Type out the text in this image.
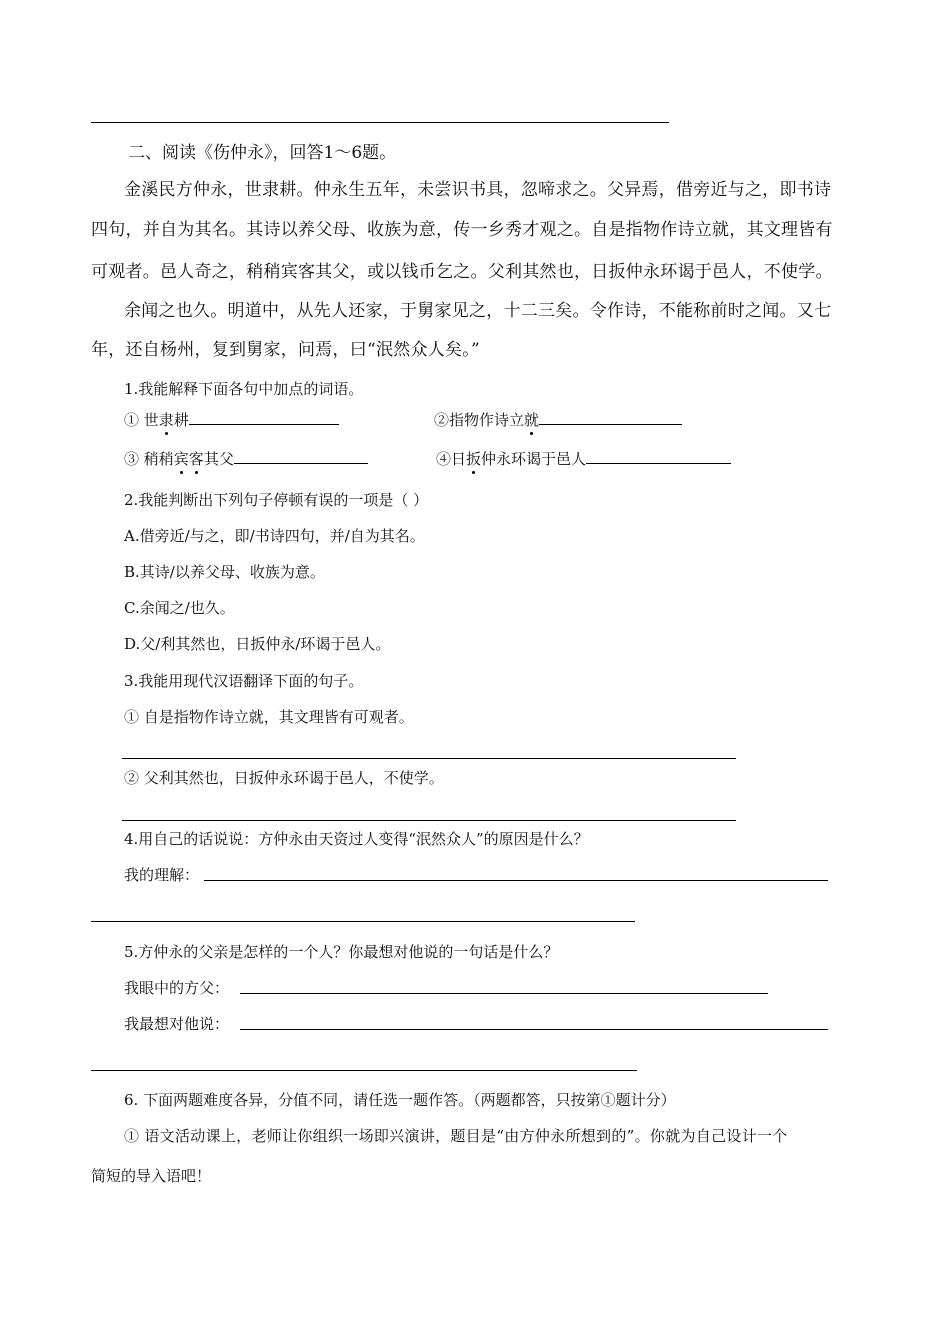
二、阅读《伤仲永》，回答1～6题。
金溪民方仲永，世隶耕。仲永生五年，未尝识书具，忽啼求之。父异焉，借旁近与之，即书诗
四句，并自为其名。其诗以养父母、收族为意，传一乡秀才观之。自是指物作诗立就，其文理皆有
可观者。邑人奇之，稍稍宾客其父，或以钱币乞之。父利其然也，日扳仲永环谒于邑人，不使学。
余闻之也久。明道中，从先人还家，于舅家见之，十二三矣。令作诗，不能称前时之闻。又七
年，还自杨州，复到舅家，问焉，曰“泯然众人矣。”
1.我能解释下面各句中加点的词语。
① 世隶耕	②指物作诗立就
③ 稍稍宾客其父	④日扳仲永环谒于邑人
2.我能判断出下列句子停顿有误的一项是（ ）
A.借旁近/与之，即/书诗四句，并/自为其名。
B.其诗/以养父母、收族为意。
C.余闻之/也久。
D.父/利其然也，日扳仲永/环谒于邑人。
3.我能用现代汉语翻译下面的句子。
① 自是指物作诗立就，其文理皆有可观者。
② 父利其然也，日扳仲永环谒于邑人，不使学。
4.用自己的话说说：方仲永由天资过人变得“泯然众人”的原因是什么？
我的理解：
5.方仲永的父亲是怎样的一个人？你最想对他说的一句话是什么？
我眼中的方父：
我最想对他说：
6. 下面两题难度各异，分值不同，请任选一题作答。（两题都答，只按第①题计分）
① 语文活动课上，老师让你组织一场即兴演讲，题目是“由方仲永所想到的”。你就为自己设计一个
简短的导入语吧！
